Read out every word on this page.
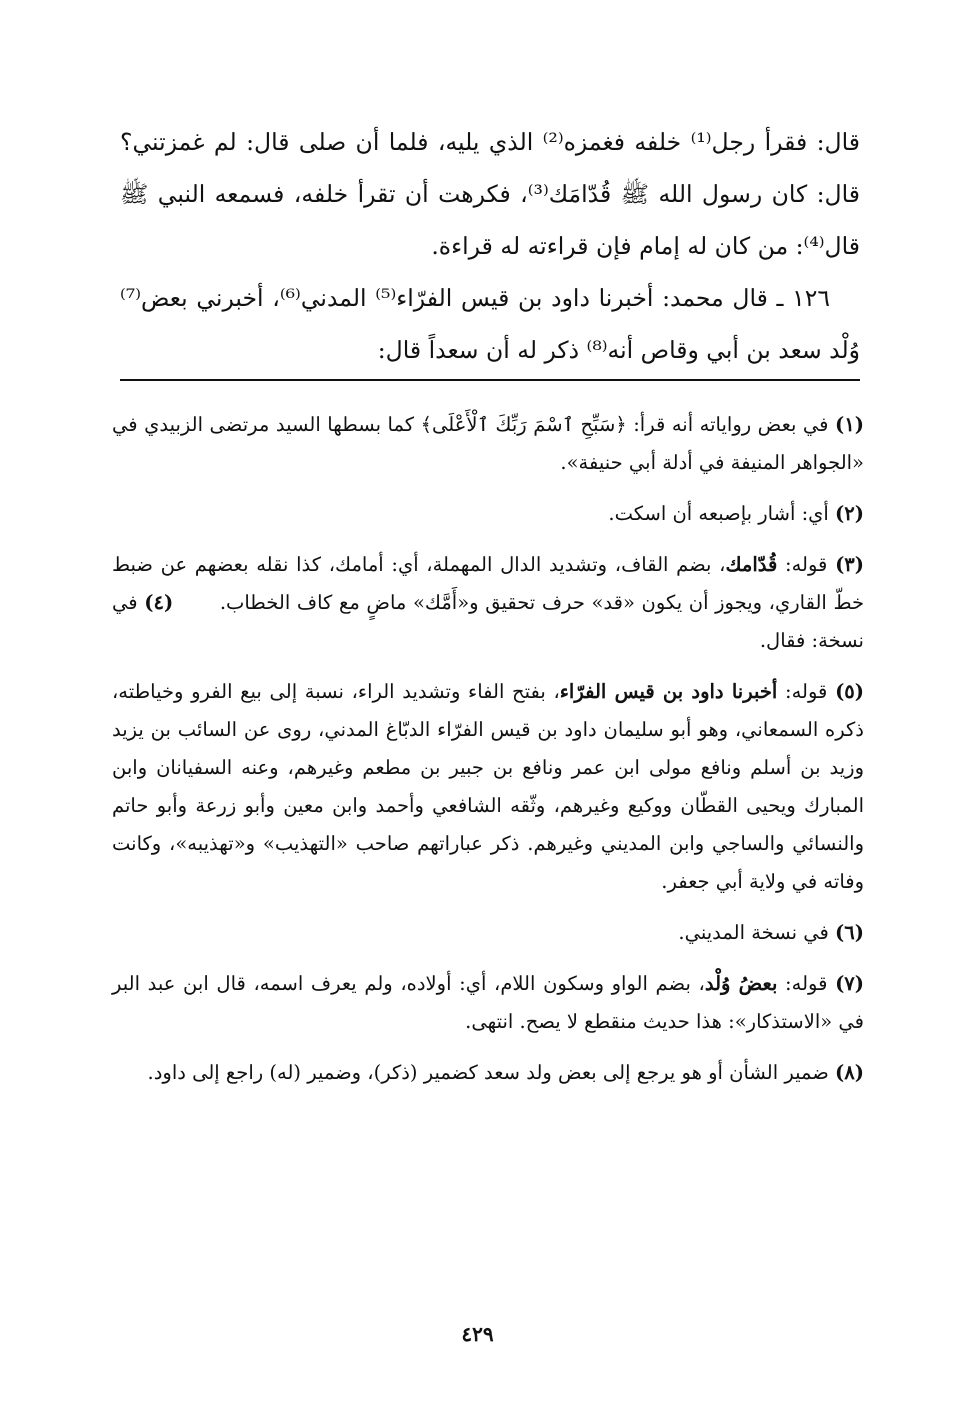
قال: فقرأ رجل⁽¹⁾ خلفه فغمزه⁽²⁾ الذي يليه، فلما أن صلى قال: لم غمزتني؟ قال: كان رسول الله ﷺ قُدّامَك⁽³⁾، فكرهت أن تقرأ خلفه، فسمعه النبي ﷺ قال⁽⁴⁾: من كان له إمام فإن قراءته له قراءة.

١٢٦ ـ قال محمد: أخبرنا داود بن قيس الفرّاء⁽⁵⁾ المدني⁽⁶⁾، أخبرني بعض⁽⁷⁾ وُلْد سعد بن أبي وقاص أنه⁽⁸⁾ ذكر له أن سعداً قال:

(١) في بعض رواياته أنه قرأ: ﴿سَبِّحِ ٱسْمَ رَبِّكَ ٱلْأَعْلَى﴾ كما بسطها السيد مرتضى الزبيدي في «الجواهر المنيفة في أدلة أبي حنيفة».

(٢) أي: أشار بإصبعه أن اسكت.

(٣) قوله: قُدّامك، بضم القاف، وتشديد الدال المهملة، أي: أمامك، كذا نقله بعضهم عن ضبط خطّ القاري، ويجوز أن يكون «قد» حرف تحقيق و«أَمَّك» ماضٍ مع كاف الخطاب. (٤) في نسخة: فقال.

(٥) قوله: أخبرنا داود بن قيس الفرّاء، بفتح الفاء وتشديد الراء، نسبة إلى بيع الفرو وخياطته، ذكره السمعاني، وهو أبو سليمان داود بن قيس الفرّاء الدبّاغ المدني، روى عن السائب بن يزيد وزيد بن أسلم ونافع مولى ابن عمر ونافع بن جبير بن مطعم وغيرهم، وعنه السفيانان وابن المبارك ويحيى القطّان ووكيع وغيرهم، وثّقه الشافعي وأحمد وابن معين وأبو زرعة وأبو حاتم والنسائي والساجي وابن المديني وغيرهم. ذكر عباراتهم صاحب «التهذيب» و«تهذيبه»، وكانت وفاته في ولاية أبي جعفر.

(٦) في نسخة المديني.

(٧) قوله: بعضُ وُلْد، بضم الواو وسكون اللام، أي: أولاده، ولم يعرف اسمه، قال ابن عبد البر في «الاستذكار»: هذا حديث منقطع لا يصح. انتهى.

(٨) ضمير الشأن أو هو يرجع إلى بعض ولد سعد كضمير (ذكر)، وضمير (له) راجع إلى داود.

٤٢٩
